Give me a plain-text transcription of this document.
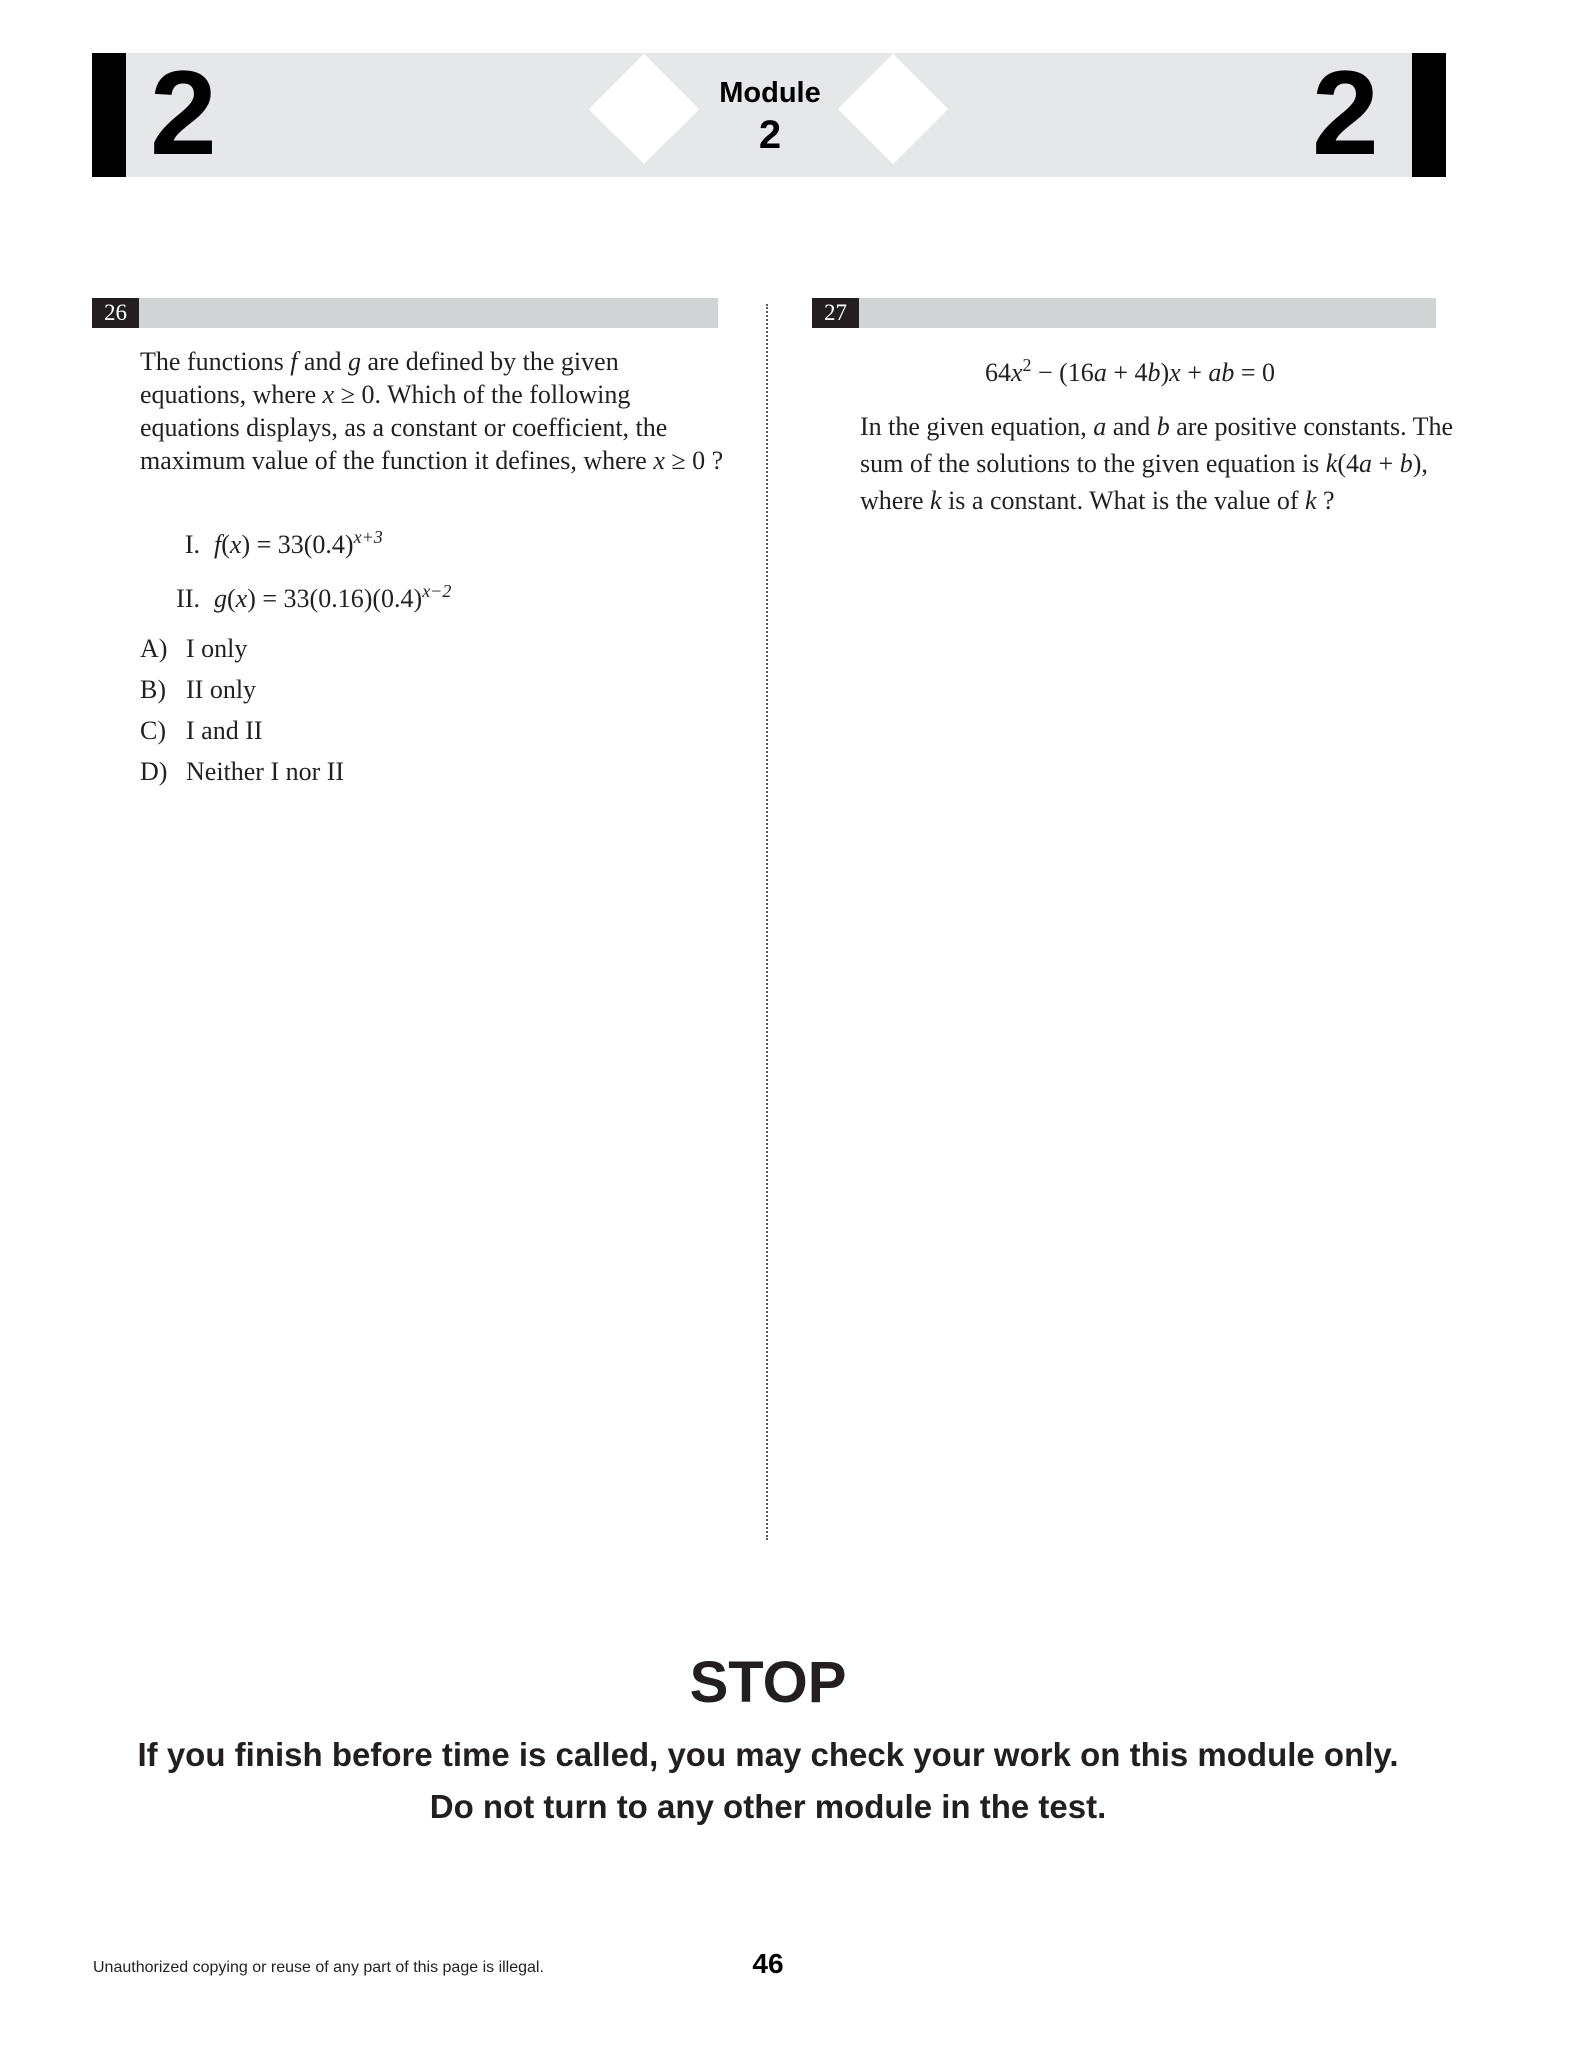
2	2
Module
2
26
The functions f and g are defined by the given equations, where x ≥ 0. Which of the following equations displays, as a constant or coefficient, the maximum value of the function it defines, where x ≥ 0 ?
I. $f(x) = 33(0.4)^{x+3}$
II. $g(x) = 33(0.16)(0.4)^{x-2}$
A) I only
B) II only
C) I and II
D) Neither I nor II
27
$64x^2 - (16a + 4b)x$ + ab = 0
In the given equation, a and b are positive constants. The sum of the solutions to the given equation is k(4a + b), where k is a constant. What is the value of k ?
STOP
If you finish before time is called, you may check your work on this module only.
Do not turn to any other module in the test.
Unauthorized copying or reuse of any part of this page is illegal.	46
